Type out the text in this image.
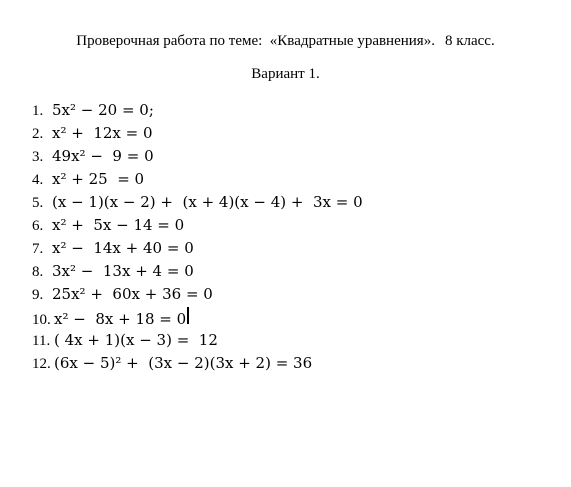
Проверочная работа по теме:  «Квадратные уравнения». 8 класс.
Вариант 1.
1. 5x² − 20 = 0;
2. x² +  12x = 0
3. 49x² −  9 = 0
4. x² + 25  = 0
5. (x − 1)(x − 2) +  (x + 4)(x − 4) +  3x = 0
6. x² +  5x − 14 = 0
7. x² −  14x + 40 = 0
8. 3x² −  13x + 4 = 0
9. 25x² +  60x + 36 = 0
10. x² −  8x + 18 = 0
11. ( 4x + 1)(x − 3) =  12
12. (6x − 5)² +  (3x − 2)(3x + 2) = 36
